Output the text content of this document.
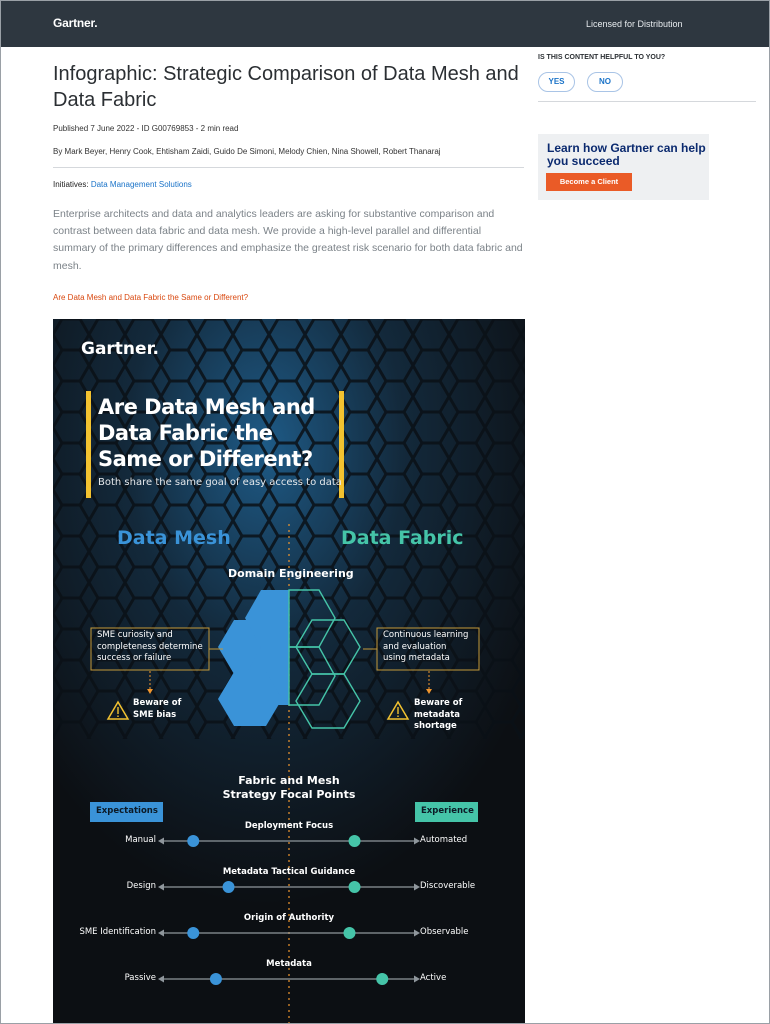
Gartner.	Licensed for Distribution
Infographic: Strategic Comparison of Data Mesh and Data Fabric
Published 7 June 2022 - ID G00769853 - 2 min read
By Mark Beyer, Henry Cook, Ehtisham Zaidi, Guido De Simoni, Melody Chien, Nina Showell, Robert Thanaraj
Initiatives: Data Management Solutions

Enterprise architects and data and analytics leaders are asking for substantive comparison and contrast between data fabric and data mesh. We provide a high-level parallel and differential summary of the primary differences and emphasize the greatest risk scenario for both data fabric and mesh.

Are Data Mesh and Data Fabric the Same or Different?
IS THIS CONTENT HELPFUL TO YOU?
YES	NO
Learn how Gartner can help you succeed
Become a Client
Gartner.
Are Data Mesh and
Data Fabric the
Same or Different?
Both share the same goal of easy access to data
Data Mesh	Data Fabric
Domain Engineering
SME curiosity and
completeness determine
success or failure
Continuous learning
and evaluation
using metadata
Beware of
SME bias
Beware of
metadata
shortage
Fabric and Mesh
Strategy Focal Points
Expectations	Experience
Deployment Focus
Manual	Automated
Metadata Tactical Guidance
Design	Discoverable
Origin of Authority
SME Identification	Observable
Metadata
Passive	Active
